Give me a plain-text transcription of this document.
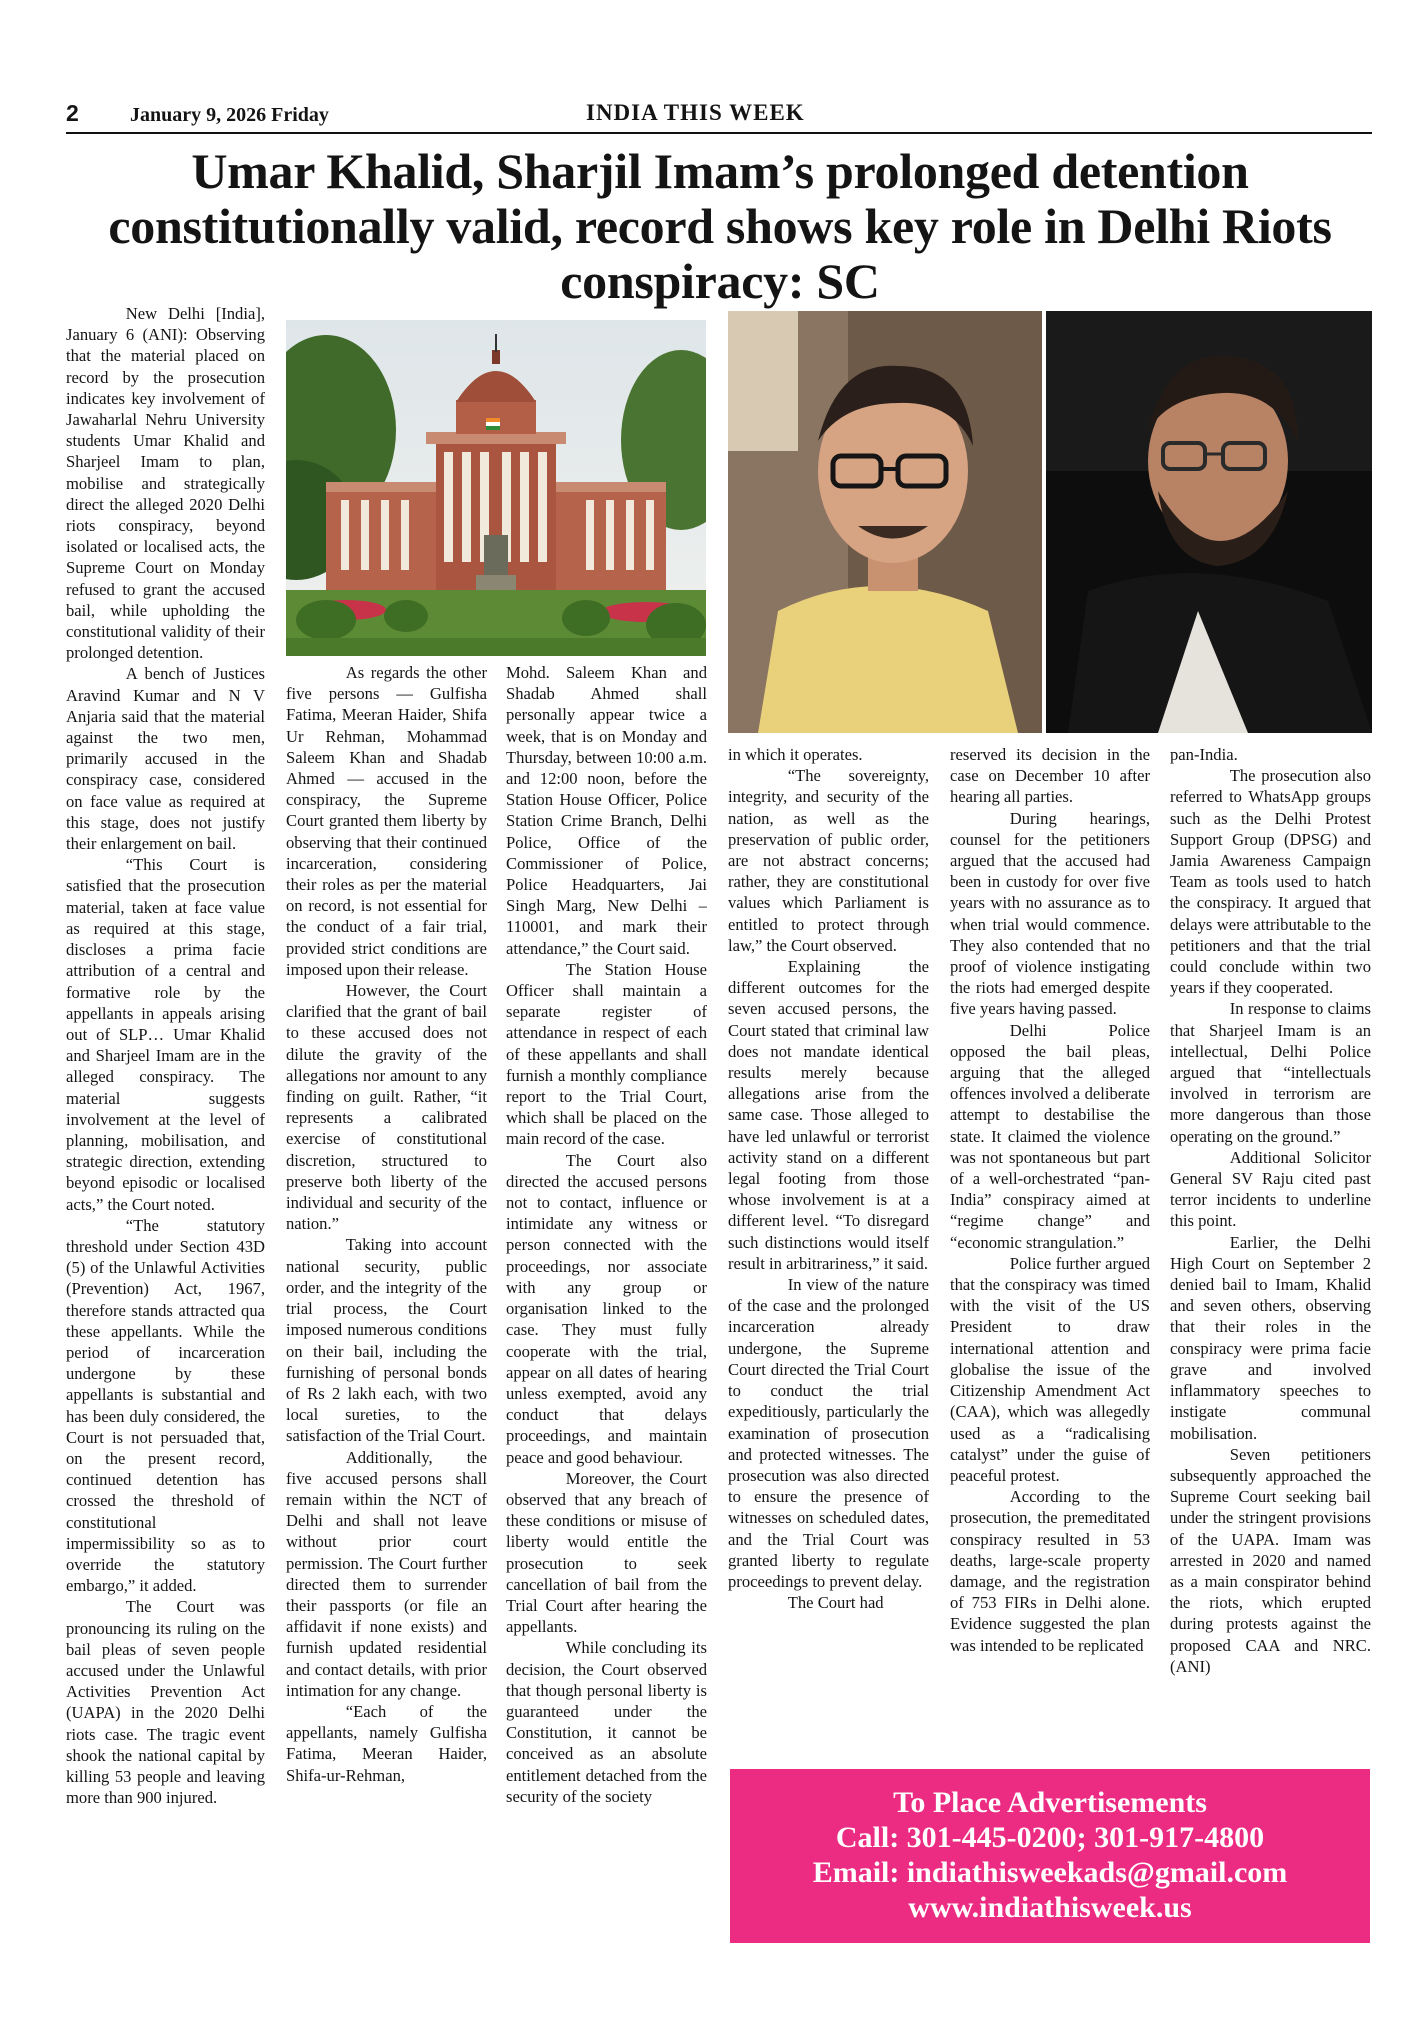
2	January 9, 2026 Friday	INDIA THIS WEEK
Umar Khalid, Sharjil Imam’s prolonged detention constitutionally valid, record shows key role in Delhi Riots conspiracy: SC

New Delhi [India], January 6 (ANI): Observing that the material placed on record by the prosecution indicates key involvement of Jawaharlal Nehru University students Umar Khalid and Sharjeel Imam to plan, mobilise and strategically direct the alleged 2020 Delhi riots conspiracy, beyond isolated or localised acts, the Supreme Court on Monday refused to grant the accused bail, while upholding the constitutional validity of their prolonged detention.

A bench of Justices Aravind Kumar and N V Anjaria said that the material against the two men, primarily accused in the conspiracy case, considered on face value as required at this stage, does not justify their enlargement on bail.

“This Court is satisfied that the prosecution material, taken at face value as required at this stage, discloses a prima facie attribution of a central and formative role by the appellants in appeals arising out of SLP… Umar Khalid and Sharjeel Imam are in the alleged conspiracy. The material suggests involvement at the level of planning, mobilisation, and strategic direction, extending beyond episodic or localised acts,” the Court noted.

“The statutory threshold under Section 43D (5) of the Unlawful Activities (Prevention) Act, 1967, therefore stands attracted qua these appellants. While the period of incarceration undergone by these appellants is substantial and has been duly considered, the Court is not persuaded that, on the present record, continued detention has crossed the threshold of constitutional impermissibility so as to override the statutory embargo,” it added.

The Court was pronouncing its ruling on the bail pleas of seven people accused under the Unlawful Activities Prevention Act (UAPA) in the 2020 Delhi riots case. The tragic event shook the national capital by killing 53 people and leaving more than 900 injured.

As regards the other five persons — Gulfisha Fatima, Meeran Haider, Shifa Ur Rehman, Mohammad Saleem Khan and Shadab Ahmed — accused in the conspiracy, the Supreme Court granted them liberty by observing that their continued incarceration, considering their roles as per the material on record, is not essential for the conduct of a fair trial, provided strict conditions are imposed upon their release.

However, the Court clarified that the grant of bail to these accused does not dilute the gravity of the allegations nor amount to any finding on guilt. Rather, “it represents a calibrated exercise of constitutional discretion, structured to preserve both liberty of the individual and security of the nation.”

Taking into account national security, public order, and the integrity of the trial process, the Court imposed numerous conditions on their bail, including the furnishing of personal bonds of Rs 2 lakh each, with two local sureties, to the satisfaction of the Trial Court.

Additionally, the five accused persons shall remain within the NCT of Delhi and shall not leave without prior court permission. The Court further directed them to surrender their passports (or file an affidavit if none exists) and furnish updated residential and contact details, with prior intimation for any change.

“Each of the appellants, namely Gulfisha Fatima, Meeran Haider, Shifa-ur-Rehman,

Mohd. Saleem Khan and Shadab Ahmed shall personally appear twice a week, that is on Monday and Thursday, between 10:00 a.m. and 12:00 noon, before the Station House Officer, Police Station Crime Branch, Delhi Police, Office of the Commissioner of Police, Police Headquarters, Jai Singh Marg, New Delhi – 110001, and mark their attendance,” the Court said.

The Station House Officer shall maintain a separate register of attendance in respect of each of these appellants and shall furnish a monthly compliance report to the Trial Court, which shall be placed on the main record of the case.

The Court also directed the accused persons not to contact, influence or intimidate any witness or person connected with the proceedings, nor associate with any group or organisation linked to the case. They must fully cooperate with the trial, appear on all dates of hearing unless exempted, avoid any conduct that delays proceedings, and maintain peace and good behaviour.

Moreover, the Court observed that any breach of these conditions or misuse of liberty would entitle the prosecution to seek cancellation of bail from the Trial Court after hearing the appellants.

While concluding its decision, the Court observed that though personal liberty is guaranteed under the Constitution, it cannot be conceived as an absolute entitlement detached from the security of the society

in which it operates.

“The sovereignty, integrity, and security of the nation, as well as the preservation of public order, are not abstract concerns; rather, they are constitutional values which Parliament is entitled to protect through law,” the Court observed.

Explaining the different outcomes for the seven accused persons, the Court stated that criminal law does not mandate identical results merely because allegations arise from the same case. Those alleged to have led unlawful or terrorist activity stand on a different legal footing from those whose involvement is at a different level. “To disregard such distinctions would itself result in arbitrariness,” it said.

In view of the nature of the case and the prolonged incarceration already undergone, the Supreme Court directed the Trial Court to conduct the trial expeditiously, particularly the examination of prosecution and protected witnesses. The prosecution was also directed to ensure the presence of witnesses on scheduled dates, and the Trial Court was granted liberty to regulate proceedings to prevent delay.

The Court had

reserved its decision in the case on December 10 after hearing all parties.

During hearings, counsel for the petitioners argued that the accused had been in custody for over five years with no assurance as to when trial would commence. They also contended that no proof of violence instigating the riots had emerged despite five years having passed.

Delhi Police opposed the bail pleas, arguing that the alleged offences involved a deliberate attempt to destabilise the state. It claimed the violence was not spontaneous but part of a well-orchestrated “pan-India” conspiracy aimed at “regime change” and “economic strangulation.”

Police further argued that the conspiracy was timed with the visit of the US President to draw international attention and globalise the issue of the Citizenship Amendment Act (CAA), which was allegedly used as a “radicalising catalyst” under the guise of peaceful protest.

According to the prosecution, the premeditated conspiracy resulted in 53 deaths, large-scale property damage, and the registration of 753 FIRs in Delhi alone. Evidence suggested the plan was intended to be replicated

pan-India.

The prosecution also referred to WhatsApp groups such as the Delhi Protest Support Group (DPSG) and Jamia Awareness Campaign Team as tools used to hatch the conspiracy. It argued that delays were attributable to the petitioners and that the trial could conclude within two years if they cooperated.

In response to claims that Sharjeel Imam is an intellectual, Delhi Police argued that “intellectuals involved in terrorism are more dangerous than those operating on the ground.”

Additional Solicitor General SV Raju cited past terror incidents to underline this point.

Earlier, the Delhi High Court on September 2 denied bail to Imam, Khalid and seven others, observing that their roles in the conspiracy were prima facie grave and involved inflammatory speeches to instigate communal mobilisation.

Seven petitioners subsequently approached the Supreme Court seeking bail under the stringent provisions of the UAPA. Imam was arrested in 2020 and named as a main conspirator behind the riots, which erupted during protests against the proposed CAA and NRC. (ANI)

To Place Advertisements
Call: 301-445-0200; 301-917-4800
Email: indiathisweekads@gmail.com
www.indiathisweek.us
